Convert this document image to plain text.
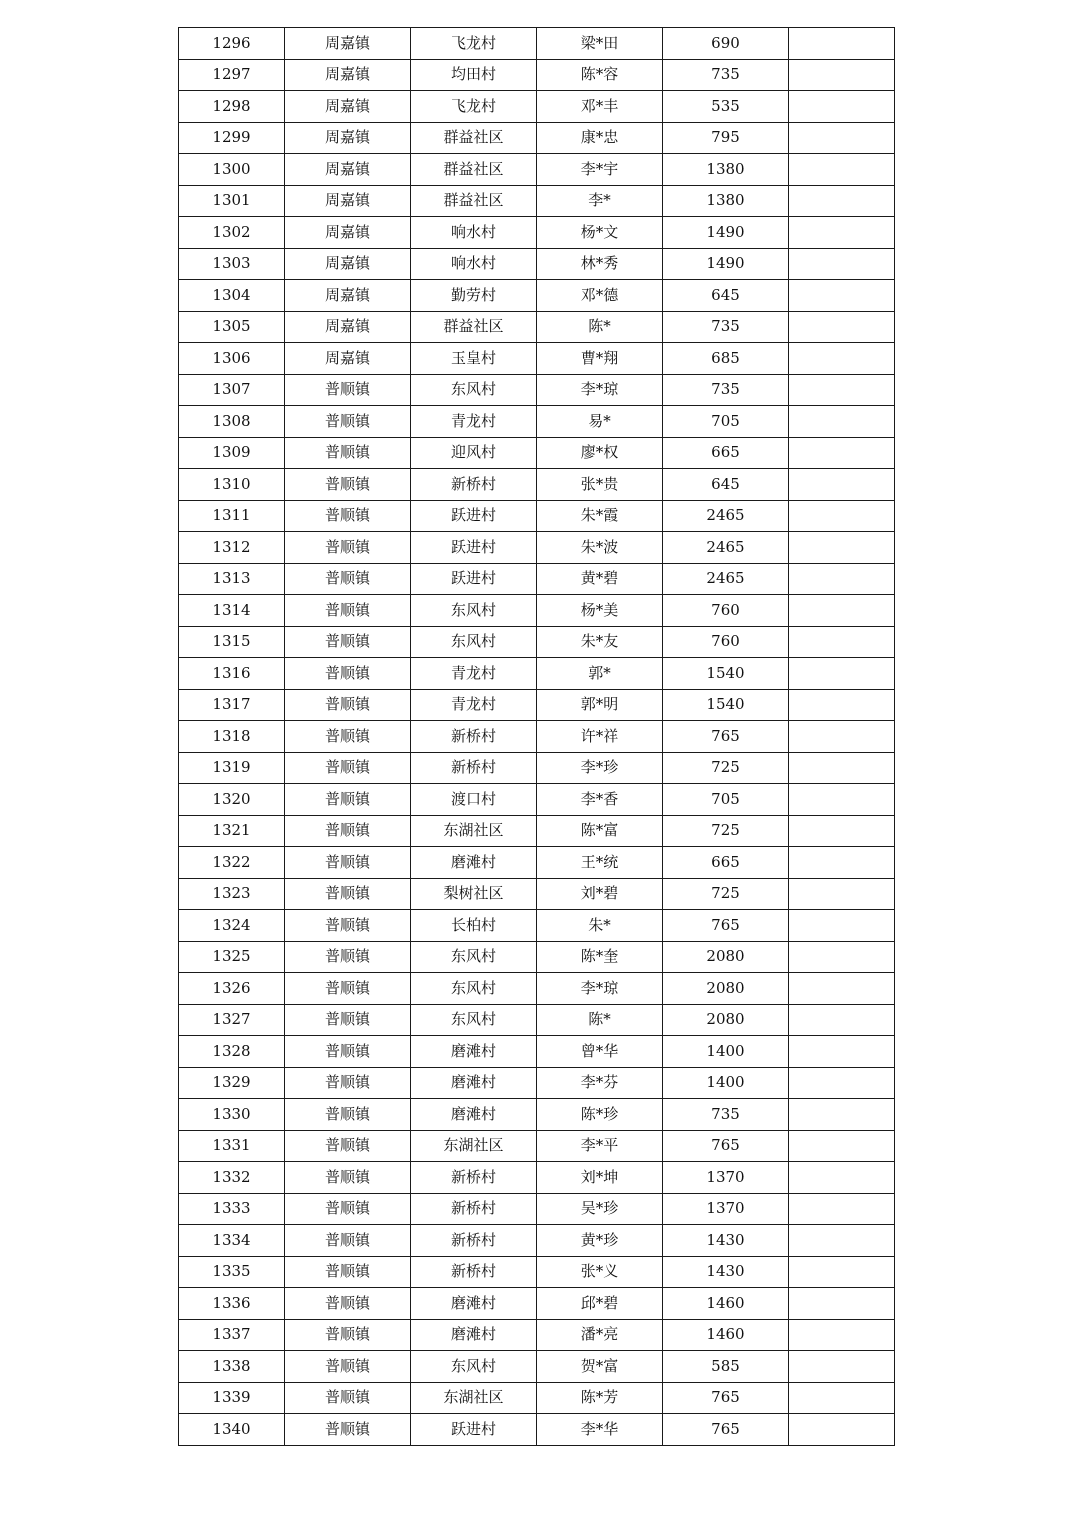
1296	周嘉镇	飞龙村	梁*田	690	
1297	周嘉镇	均田村	陈*容	735	
1298	周嘉镇	飞龙村	邓*丰	535	
1299	周嘉镇	群益社区	康*忠	795	
1300	周嘉镇	群益社区	李*宇	1380	
1301	周嘉镇	群益社区	李*	1380	
1302	周嘉镇	响水村	杨*文	1490	
1303	周嘉镇	响水村	林*秀	1490	
1304	周嘉镇	勤劳村	邓*德	645	
1305	周嘉镇	群益社区	陈*	735	
1306	周嘉镇	玉皇村	曹*翔	685	
1307	普顺镇	东风村	李*琼	735	
1308	普顺镇	青龙村	易*	705	
1309	普顺镇	迎风村	廖*权	665	
1310	普顺镇	新桥村	张*贵	645	
1311	普顺镇	跃进村	朱*霞	2465	
1312	普顺镇	跃进村	朱*波	2465	
1313	普顺镇	跃进村	黄*碧	2465	
1314	普顺镇	东风村	杨*美	760	
1315	普顺镇	东风村	朱*友	760	
1316	普顺镇	青龙村	郭*	1540	
1317	普顺镇	青龙村	郭*明	1540	
1318	普顺镇	新桥村	许*祥	765	
1319	普顺镇	新桥村	李*珍	725	
1320	普顺镇	渡口村	李*香	705	
1321	普顺镇	东湖社区	陈*富	725	
1322	普顺镇	磨滩村	王*统	665	
1323	普顺镇	梨树社区	刘*碧	725	
1324	普顺镇	长柏村	朱*	765	
1325	普顺镇	东风村	陈*奎	2080	
1326	普顺镇	东风村	李*琼	2080	
1327	普顺镇	东风村	陈*	2080	
1328	普顺镇	磨滩村	曾*华	1400	
1329	普顺镇	磨滩村	李*芬	1400	
1330	普顺镇	磨滩村	陈*珍	735	
1331	普顺镇	东湖社区	李*平	765	
1332	普顺镇	新桥村	刘*坤	1370	
1333	普顺镇	新桥村	吴*珍	1370	
1334	普顺镇	新桥村	黄*珍	1430	
1335	普顺镇	新桥村	张*义	1430	
1336	普顺镇	磨滩村	邱*碧	1460	
1337	普顺镇	磨滩村	潘*亮	1460	
1338	普顺镇	东风村	贺*富	585	
1339	普顺镇	东湖社区	陈*芳	765	
1340	普顺镇	跃进村	李*华	765	
